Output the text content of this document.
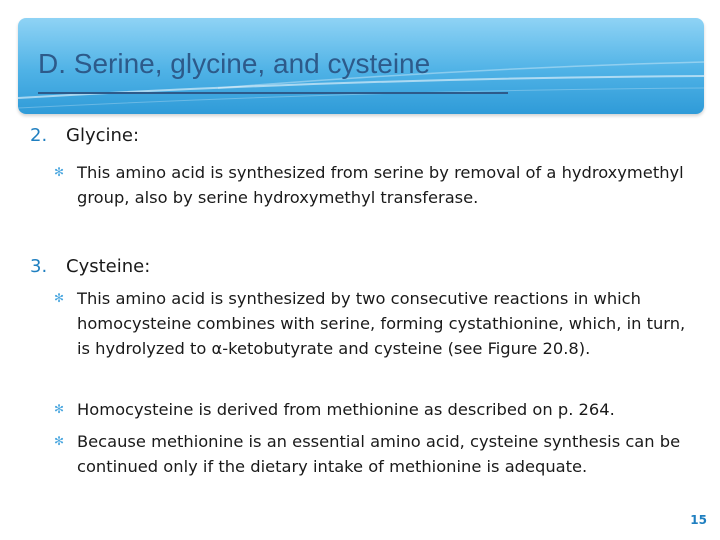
D. Serine, glycine, and cysteine
2. Glycine:
✻ This amino acid is synthesized from serine by removal of a hydroxymethyl group, also by serine hydroxymethyl transferase.
3. Cysteine:
✻ This amino acid is synthesized by two consecutive reactions in which homocysteine combines with serine, forming cystathionine, which, in turn, is hydrolyzed to α-ketobutyrate and cysteine (see Figure 20.8).
✻ Homocysteine is derived from methionine as described on p. 264.
✻ Because methionine is an essential amino acid, cysteine synthesis can be continued only if the dietary intake of methionine is adequate.
15
